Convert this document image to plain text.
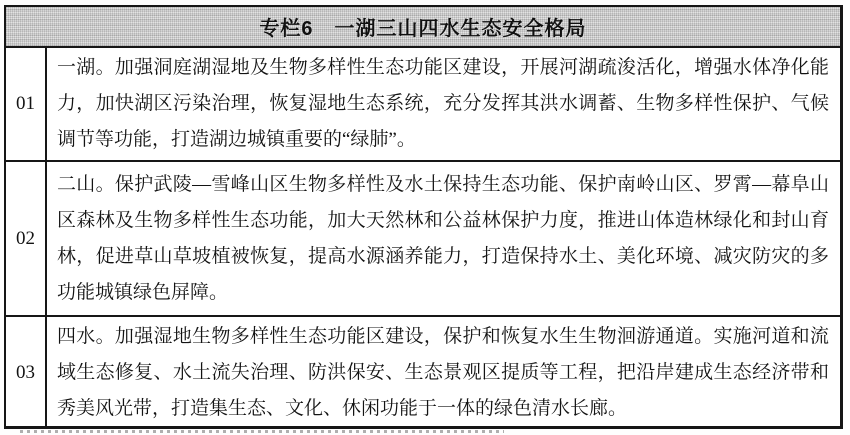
专栏6　一湖三山四水生态安全格局
01
一湖。加强洞庭湖湿地及生物多样性生态功能区建设，开展河湖疏浚活化，增强水体净化能力，加快湖区污染治理，恢复湿地生态系统，充分发挥其洪水调蓄、生物多样性保护、气候调节等功能，打造湖边城镇重要的“绿肺”。
02
二山。保护武陵—雪峰山区生物多样性及水土保持生态功能、保护南岭山区、罗霄—幕阜山区森林及生物多样性生态功能，加大天然林和公益林保护力度，推进山体造林绿化和封山育林，促进草山草坡植被恢复，提高水源涵养能力，打造保持水土、美化环境、减灾防灾的多功能城镇绿色屏障。
03
四水。加强湿地生物多样性生态功能区建设，保护和恢复水生生物洄游通道。实施河道和流域生态修复、水土流失治理、防洪保安、生态景观区提质等工程，把沿岸建成生态经济带和秀美风光带，打造集生态、文化、休闲功能于一体的绿色清水长廊。
